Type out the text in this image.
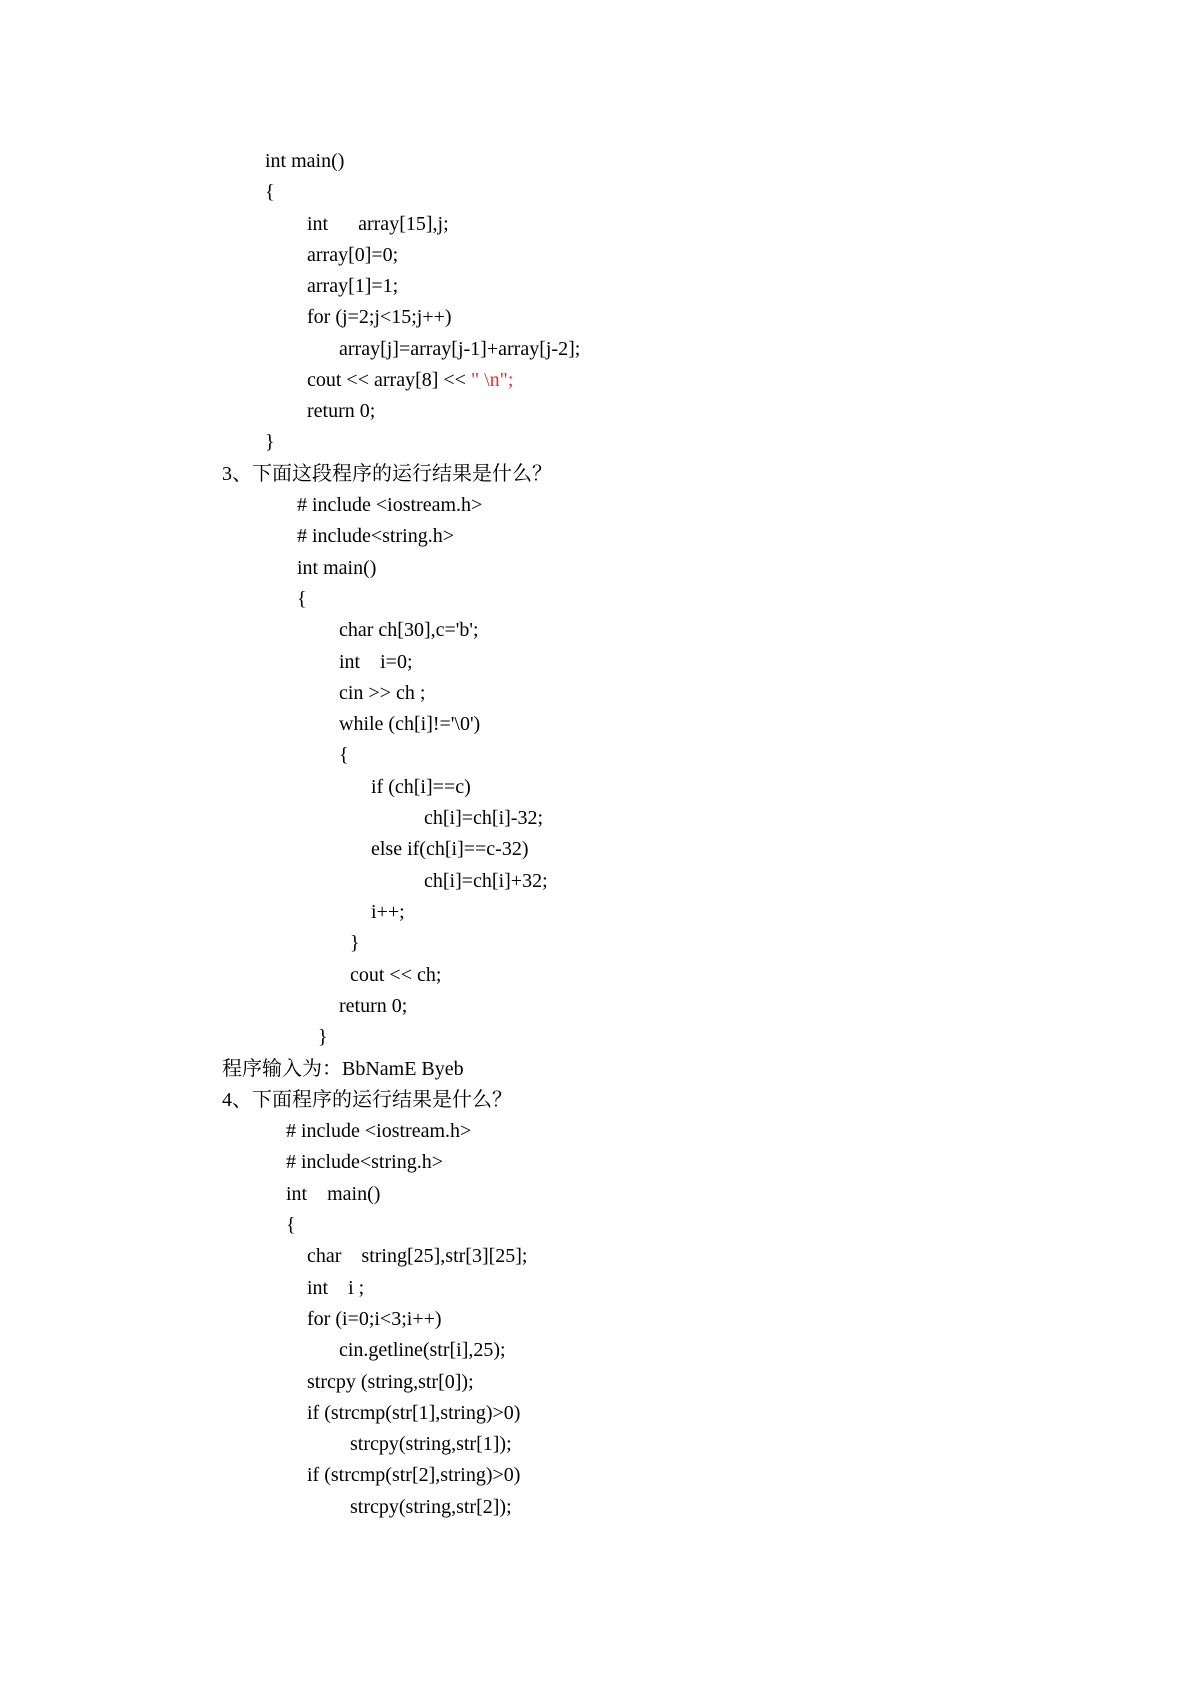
int main()
{
int      array[15],j;
array[0]=0;
array[1]=1;
for (j=2;j<15;j++)
array[j]=array[j-1]+array[j-2];
cout << array[8] << " \n";
return 0;
}
3、下面这段程序的运行结果是什么？
# include <iostream.h>
# include<string.h>
int main()
{
char ch[30],c='b';
int    i=0;
cin >> ch ;
while (ch[i]!='\0')
{
if (ch[i]==c)
ch[i]=ch[i]-32;
else if(ch[i]==c-32)
ch[i]=ch[i]+32;
i++;
}
cout << ch;
return 0;
}
程序输入为：BbNamE Byeb
4、下面程序的运行结果是什么？
# include <iostream.h>
# include<string.h>
int    main()
{
char    string[25],str[3][25];
int    i ;
for (i=0;i<3;i++)
cin.getline(str[i],25);
strcpy (string,str[0]);
if (strcmp(str[1],string)>0)
strcpy(string,str[1]);
if (strcmp(str[2],string)>0)
strcpy(string,str[2]);
